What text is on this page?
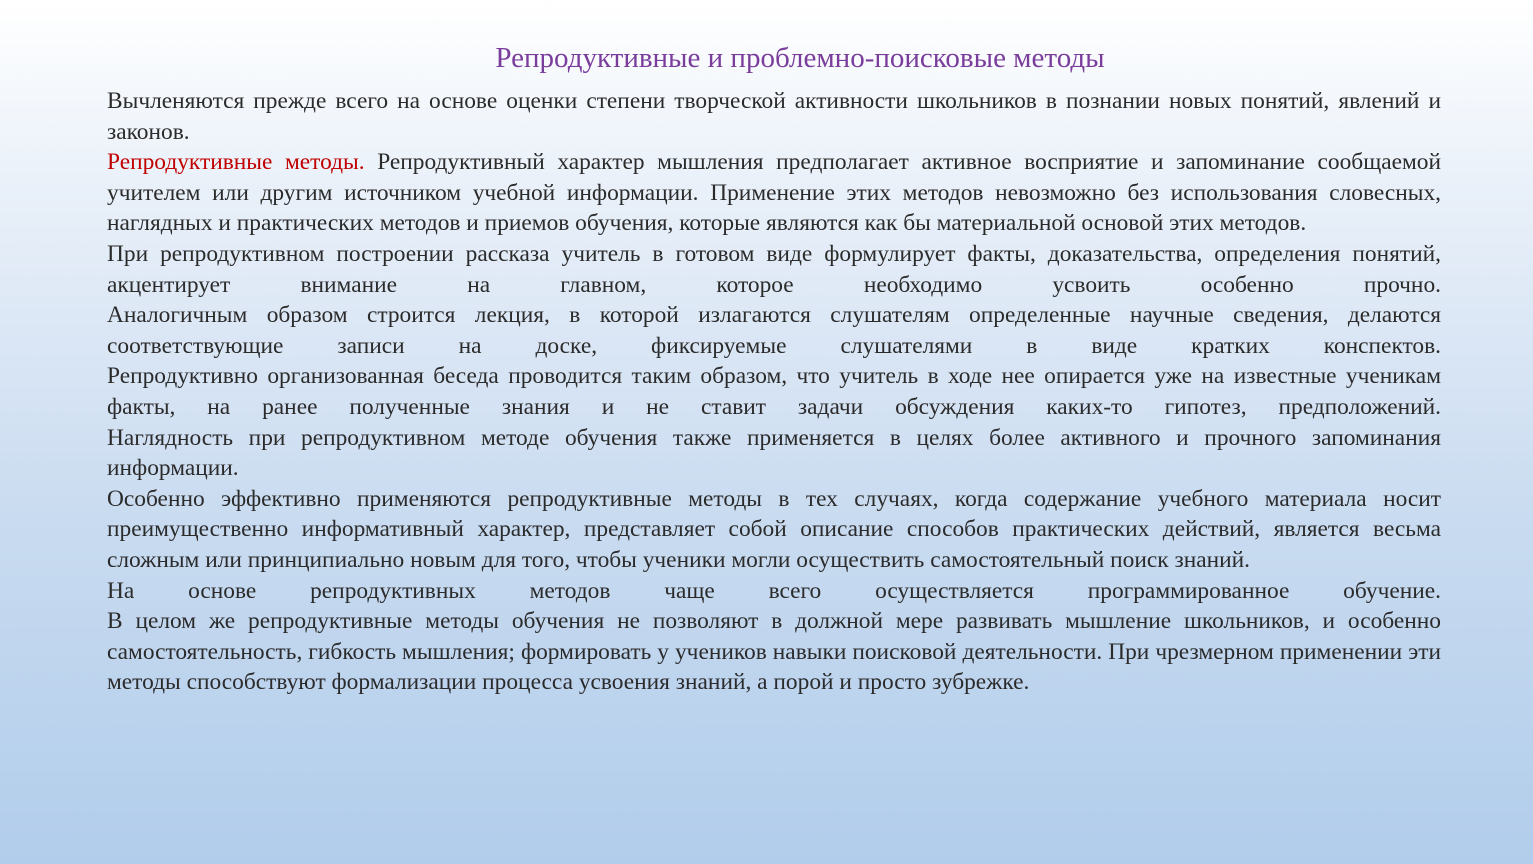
Репродуктивные и проблемно-поисковые методы

Вычленяются прежде всего на основе оценки степени творческой активности школьников в познании новых понятий, явлений и законов.

Репродуктивные методы. Репродуктивный характер мышления предполагает активное восприятие и запоминание сообщаемой учителем или другим источником учебной информации. Применение этих методов невозможно без использования словесных, наглядных и практических методов и приемов обучения, которые являются как бы материальной основой этих методов.

При репродуктивном построении рассказа учитель в готовом виде формулирует факты, доказательства, определения понятий, акцентирует внимание на главном, которое необходимо усвоить особенно прочно.

Аналогичным образом строится лекция, в которой излагаются слушателям определенные научные сведения, делаются соответствующие записи на доске, фиксируемые слушателями в виде кратких конспектов.

Репродуктивно организованная беседа проводится таким образом, что учитель в ходе нее опирается уже на известные ученикам факты, на ранее полученные знания и не ставит задачи обсуждения каких-то гипотез, предположений.

Наглядность при репродуктивном методе обучения также применяется в целях более активного и прочного запоминания информации.

Особенно эффективно применяются репродуктивные методы в тех случаях, когда содержание учебного материала носит преимущественно информативный характер, представляет собой описание способов практических действий, является весьма сложным или принципиально новым для того, чтобы ученики могли осуществить самостоятельный поиск знаний.

На основе репродуктивных методов чаще всего осуществляется программированное обучение.

В целом же репродуктивные методы обучения не позволяют в должной мере развивать мышление школьников, и особенно самостоятельность, гибкость мышления; формировать у учеников навыки поисковой деятельности. При чрезмерном применении эти методы способствуют формализации процесса усвоения знаний, а порой и просто зубрежке.
